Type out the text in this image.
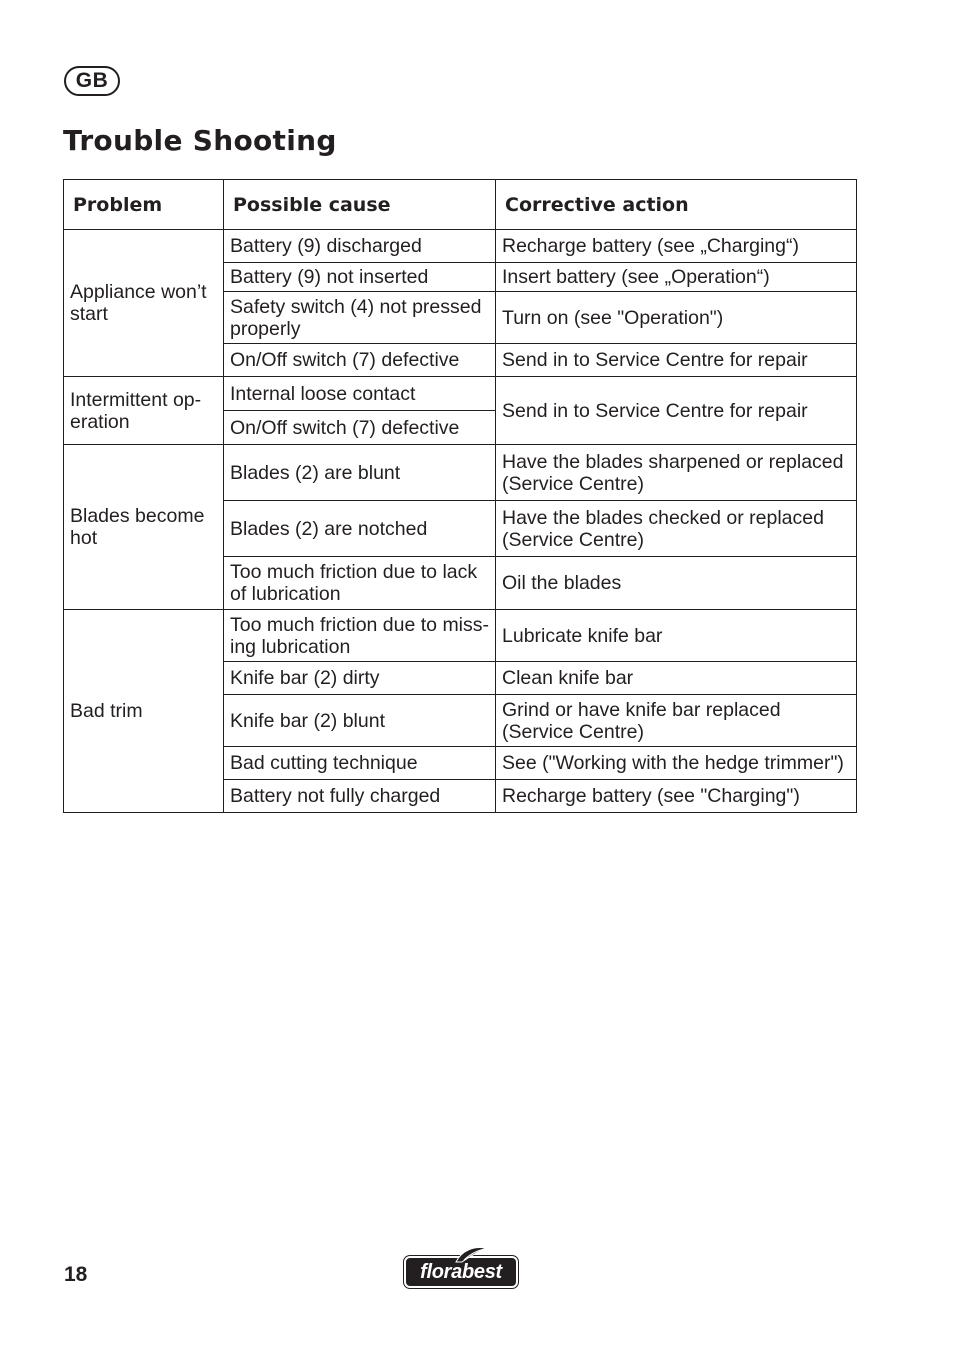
GB
Trouble Shooting
Problem	Possible cause	Corrective action
Appliance won’t start	Battery (9) discharged	Recharge battery (see „Charging“)
	Battery (9) not inserted	Insert battery (see „Operation“)
	Safety switch (4) not pressed properly	Turn on (see "Operation")
	On/Off switch (7) defective	Send in to Service Centre for repair
Intermittent op-eration	Internal loose contact	Send in to Service Centre for repair
	On/Off switch (7) defective	
Blades become hot	Blades (2) are blunt	Have the blades sharpened or replaced (Service Centre)
	Blades (2) are notched	Have the blades checked or replaced (Service Centre)
	Too much friction due to lack of lubrication	Oil the blades
Bad trim	Too much friction due to miss-ing lubrication	Lubricate knife bar
	Knife bar (2) dirty	Clean knife bar
	Knife bar (2) blunt	Grind or have knife bar replaced (Service Centre)
	Bad cutting technique	See ("Working with the hedge trimmer")
	Battery not fully charged	Recharge battery (see "Charging")
18	florabest
